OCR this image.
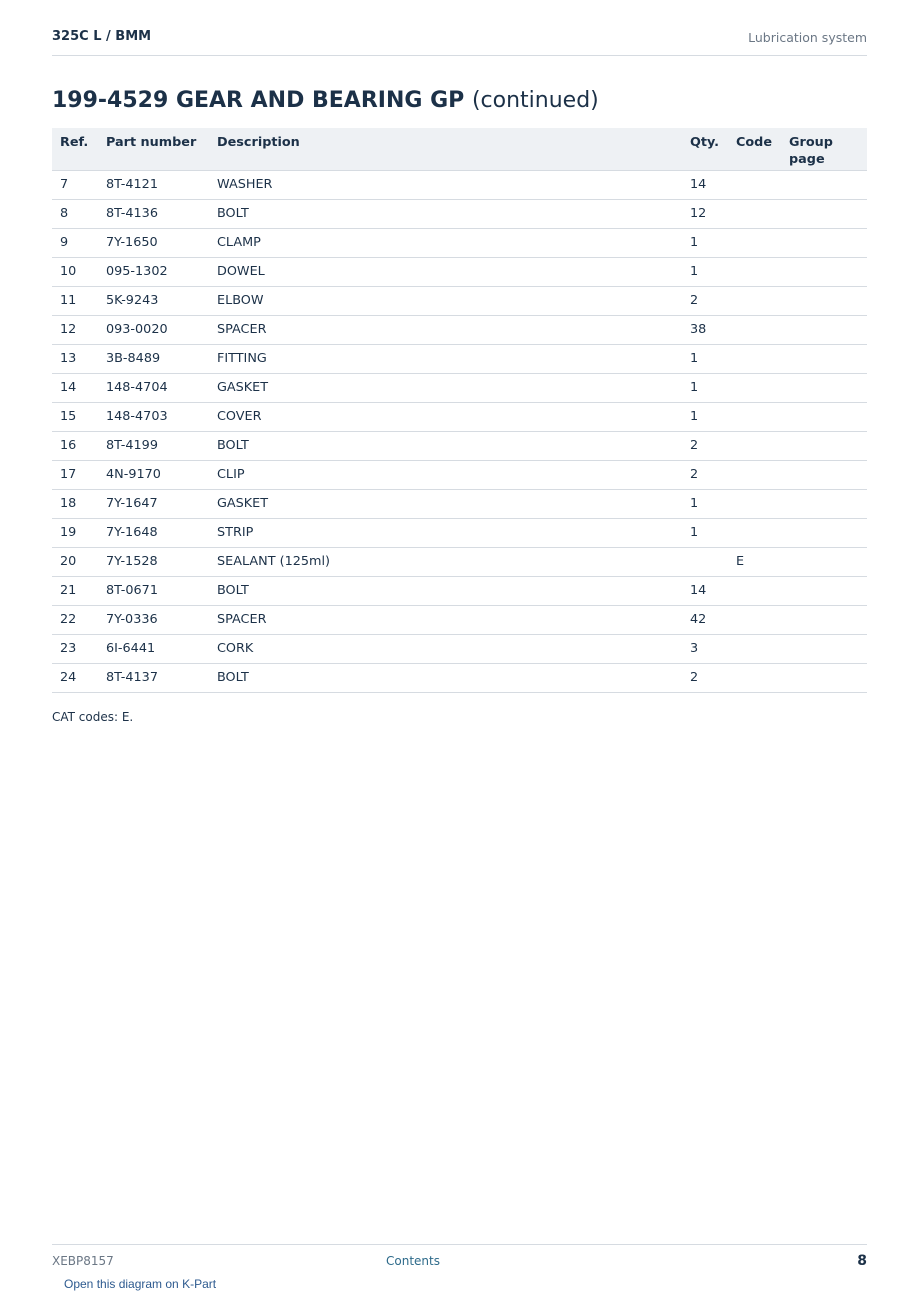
325C L / BMM	Lubrication system
199-4529 GEAR AND BEARING GP (continued)
Ref.	Part number	Description	Qty.	Code	Group page
7	8T-4121	WASHER	14		
8	8T-4136	BOLT	12		
9	7Y-1650	CLAMP	1		
10	095-1302	DOWEL	1		
11	5K-9243	ELBOW	2		
12	093-0020	SPACER	38		
13	3B-8489	FITTING	1		
14	148-4704	GASKET	1		
15	148-4703	COVER	1		
16	8T-4199	BOLT	2		
17	4N-9170	CLIP	2		
18	7Y-1647	GASKET	1		
19	7Y-1648	STRIP	1		
20	7Y-1528	SEALANT (125ml)		E	
21	8T-0671	BOLT	14		
22	7Y-0336	SPACER	42		
23	6I-6441	CORK	3		
24	8T-4137	BOLT	2		
CAT codes: E.
XEBP8157	Contents	8
Open this diagram on K-Part
